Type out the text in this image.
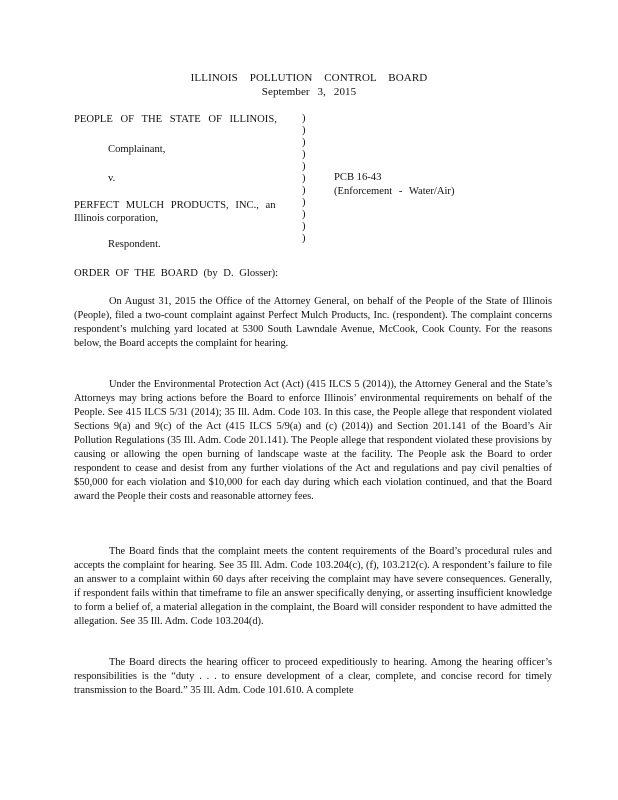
ILLINOIS POLLUTION CONTROL BOARD
September 3, 2015
PEOPLE OF THE STATE OF ILLINOIS,
Complainant,
v.
PERFECT MULCH PRODUCTS, INC., an
Illinois corporation,
Respondent.
PCB 16-43
(Enforcement - Water/Air)
)
)
)
)
)
)
)
)
)
)
)
ORDER OF THE BOARD (by D. Glosser):

On August 31, 2015 the Office of the Attorney General, on behalf of the People of the State of Illinois (People), filed a two-count complaint against Perfect Mulch Products, Inc. (respondent). The complaint concerns respondent’s mulching yard located at 5300 South Lawndale Avenue, McCook, Cook County. For the reasons below, the Board accepts the complaint for hearing.

Under the Environmental Protection Act (Act) (415 ILCS 5 (2014)), the Attorney General and the State’s Attorneys may bring actions before the Board to enforce Illinois’ environmental requirements on behalf of the People. See 415 ILCS 5/31 (2014); 35 Ill. Adm. Code 103. In this case, the People allege that respondent violated Sections 9(a) and 9(c) of the Act (415 ILCS 5/9(a) and (c) (2014)) and Section 201.141 of the Board’s Air Pollution Regulations (35 Ill. Adm. Code 201.141). The People allege that respondent violated these provisions by causing or allowing the open burning of landscape waste at the facility. The People ask the Board to order respondent to cease and desist from any further violations of the Act and regulations and pay civil penalties of $50,000 for each violation and $10,000 for each day during which each violation continued, and that the Board award the People their costs and reasonable attorney fees.

The Board finds that the complaint meets the content requirements of the Board’s procedural rules and accepts the complaint for hearing. See 35 Ill. Adm. Code 103.204(c), (f), 103.212(c). A respondent’s failure to file an answer to a complaint within 60 days after receiving the complaint may have severe consequences. Generally, if respondent fails within that timeframe to file an answer specifically denying, or asserting insufficient knowledge to form a belief of, a material allegation in the complaint, the Board will consider respondent to have admitted the allegation. See 35 Ill. Adm. Code 103.204(d).

The Board directs the hearing officer to proceed expeditiously to hearing. Among the hearing officer’s responsibilities is the “duty . . . to ensure development of a clear, complete, and concise record for timely transmission to the Board.” 35 Ill. Adm. Code 101.610. A complete
